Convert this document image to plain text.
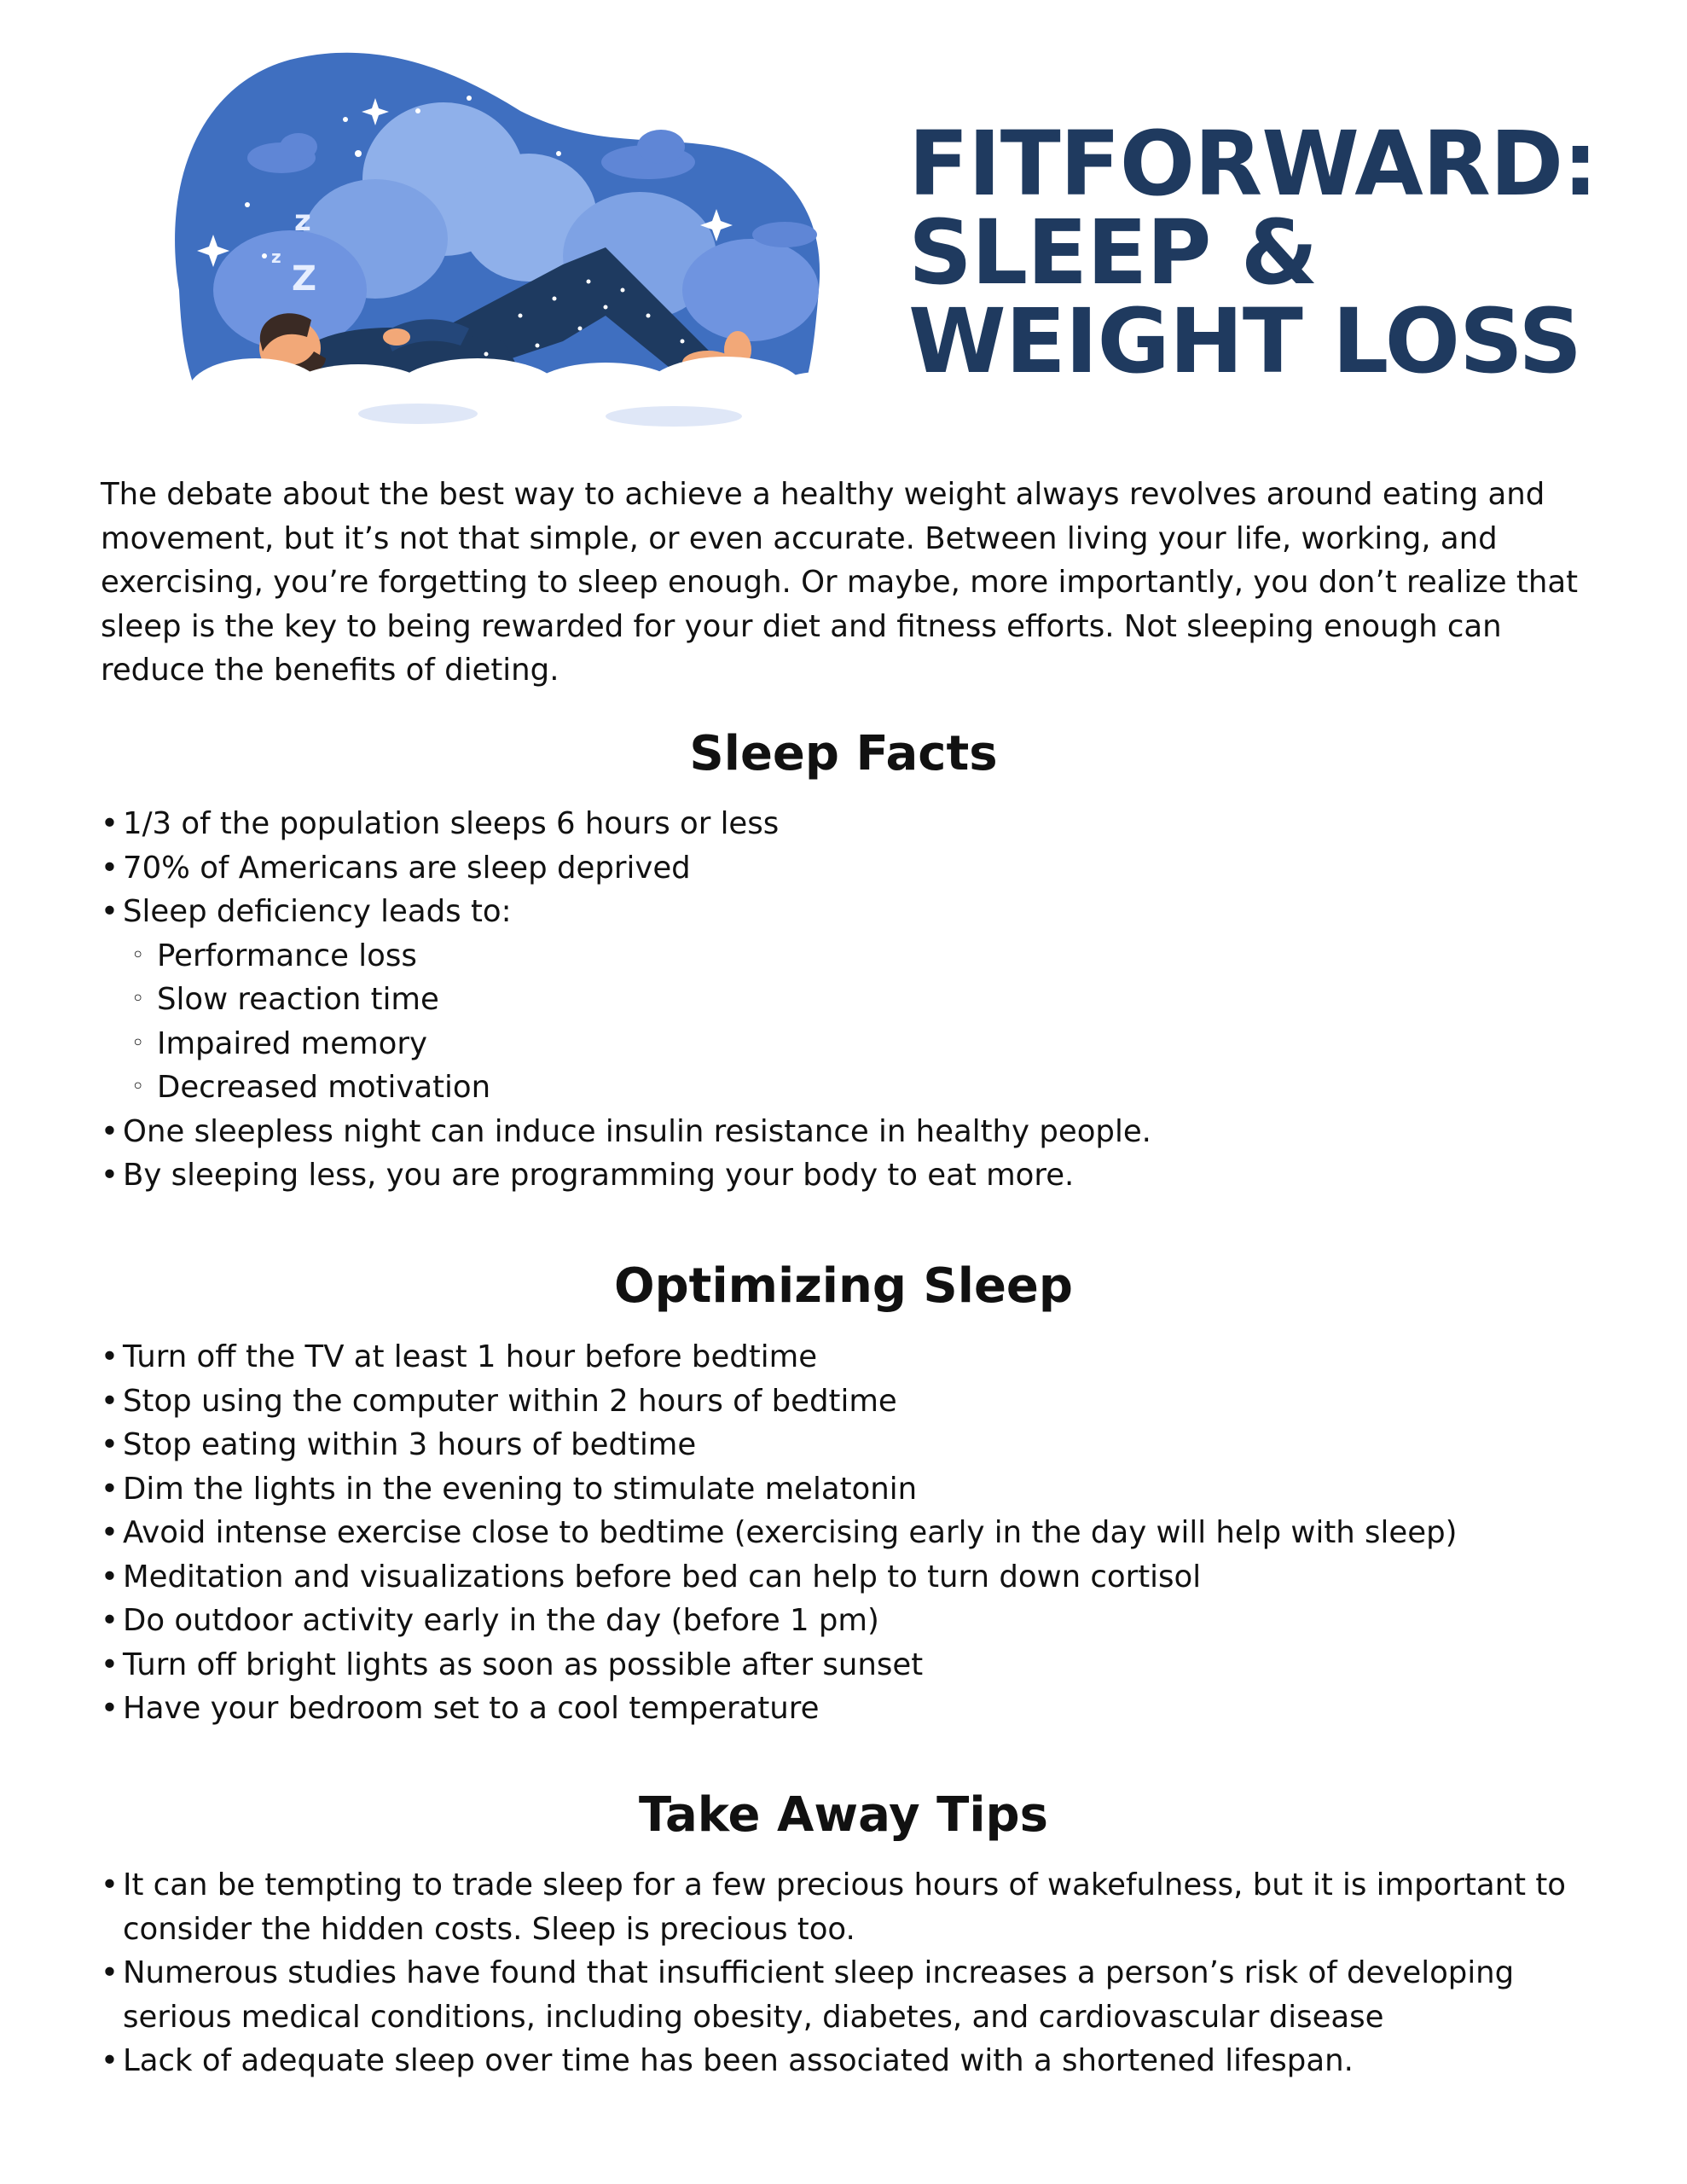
z
z
Z
FITFORWARD:
SLEEP &
WEIGHT LOSS

The debate about the best way to achieve a healthy weight always revolves around eating and movement, but it’s not that simple, or even accurate. Between living your life, working, and exercising, you’re forgetting to sleep enough. Or maybe, more importantly, you don’t realize that sleep is the key to being rewarded for your diet and fitness efforts. Not sleeping enough can reduce the benefits of dieting.

Sleep Facts
• 1/3 of the population sleeps 6 hours or less
• 70% of Americans are sleep deprived
• Sleep deficiency leads to:
◦ Performance loss
◦ Slow reaction time
◦ Impaired memory
◦ Decreased motivation
• One sleepless night can induce insulin resistance in healthy people.
• By sleeping less, you are programming your body to eat more.
Optimizing Sleep
• Turn off the TV at least 1 hour before bedtime
• Stop using the computer within 2 hours of bedtime
• Stop eating within 3 hours of bedtime
• Dim the lights in the evening to stimulate melatonin
• Avoid intense exercise close to bedtime (exercising early in the day will help with sleep)
• Meditation and visualizations before bed can help to turn down cortisol
• Do outdoor activity early in the day (before 1 pm)
• Turn off bright lights as soon as possible after sunset
• Have your bedroom set to a cool temperature
Take Away Tips
• It can be tempting to trade sleep for a few precious hours of wakefulness, but it is important to consider the hidden costs. Sleep is precious too.
• Numerous studies have found that insufficient sleep increases a person’s risk of developing serious medical conditions, including obesity, diabetes, and cardiovascular disease
• Lack of adequate sleep over time has been associated with a shortened lifespan.
